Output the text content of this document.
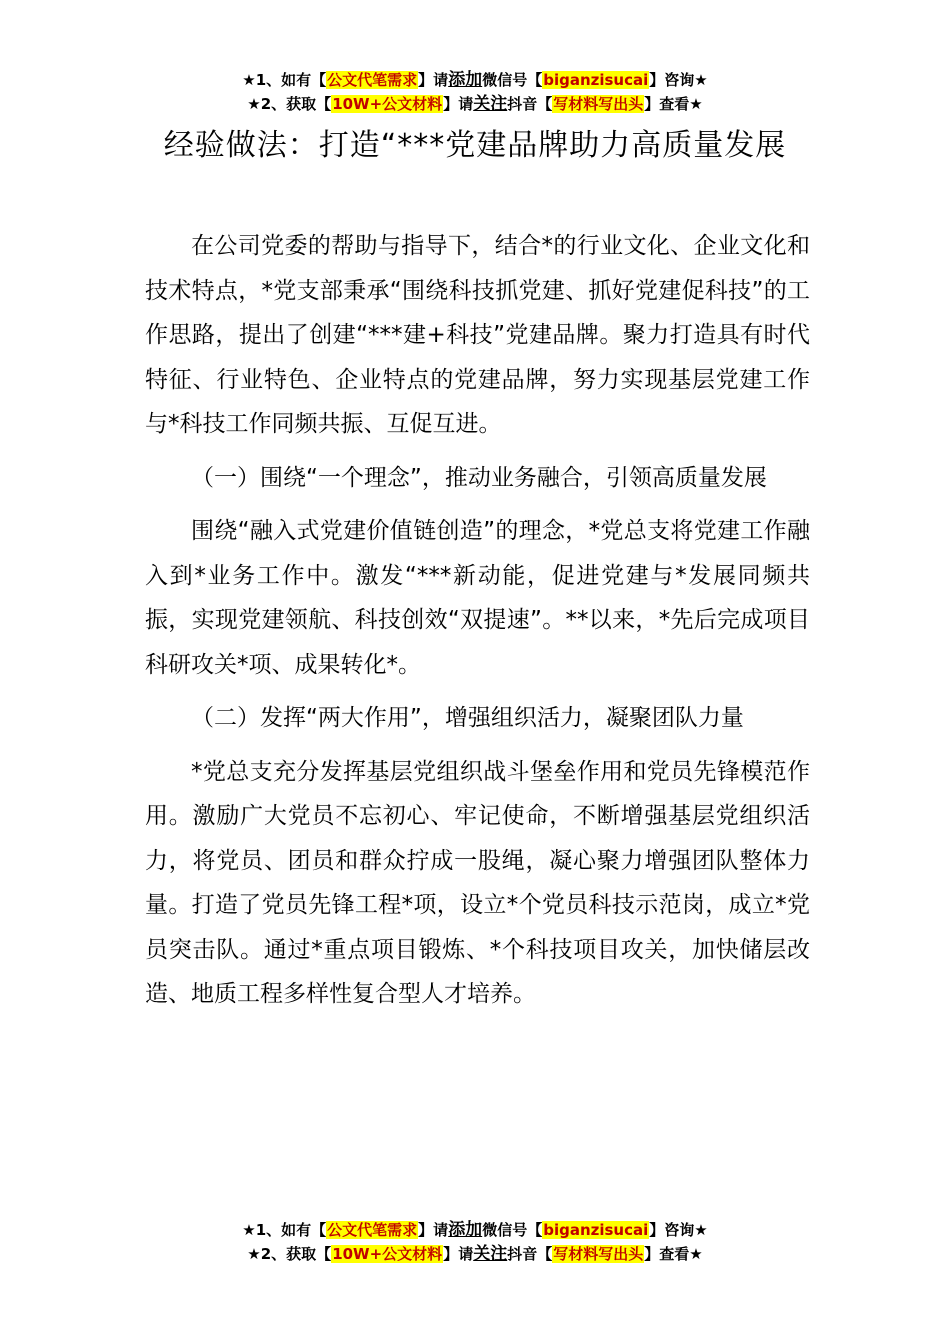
★1、如有【公文代笔需求】请添加微信号【biganzisucai】咨询★
★2、获取【10W+公文材料】请关注抖音【写材料写出头】查看★
经验做法：打造“***党建品牌助力高质量发展

在公司党委的帮助与指导下，结合*的行业文化、企业文化和技术特点，*党支部秉承“围绕科技抓党建、抓好党建促科技”的工作思路，提出了创建“***建+科技”党建品牌。聚力打造具有时代特征、行业特色、企业特点的党建品牌，努力实现基层党建工作与*科技工作同频共振、互促互进。

（一）围绕“一个理念”，推动业务融合，引领高质量发展

围绕“融入式党建价值链创造”的理念，*党总支将党建工作融入到*业务工作中。激发“***新动能，促进党建与*发展同频共振，实现党建领航、科技创效“双提速”。**以来，*先后完成项目科研攻关*项、成果转化*。

（二）发挥“两大作用”，增强组织活力，凝聚团队力量

*党总支充分发挥基层党组织战斗堡垒作用和党员先锋模范作用。激励广大党员不忘初心、牢记使命，不断增强基层党组织活力，将党员、团员和群众拧成一股绳，凝心聚力增强团队整体力量。打造了党员先锋工程*项，设立*个党员科技示范岗，成立*党员突击队。通过*重点项目锻炼、*个科技项目攻关，加快储层改造、地质工程多样性复合型人才培养。

★1、如有【公文代笔需求】请添加微信号【biganzisucai】咨询★
★2、获取【10W+公文材料】请关注抖音【写材料写出头】查看★
